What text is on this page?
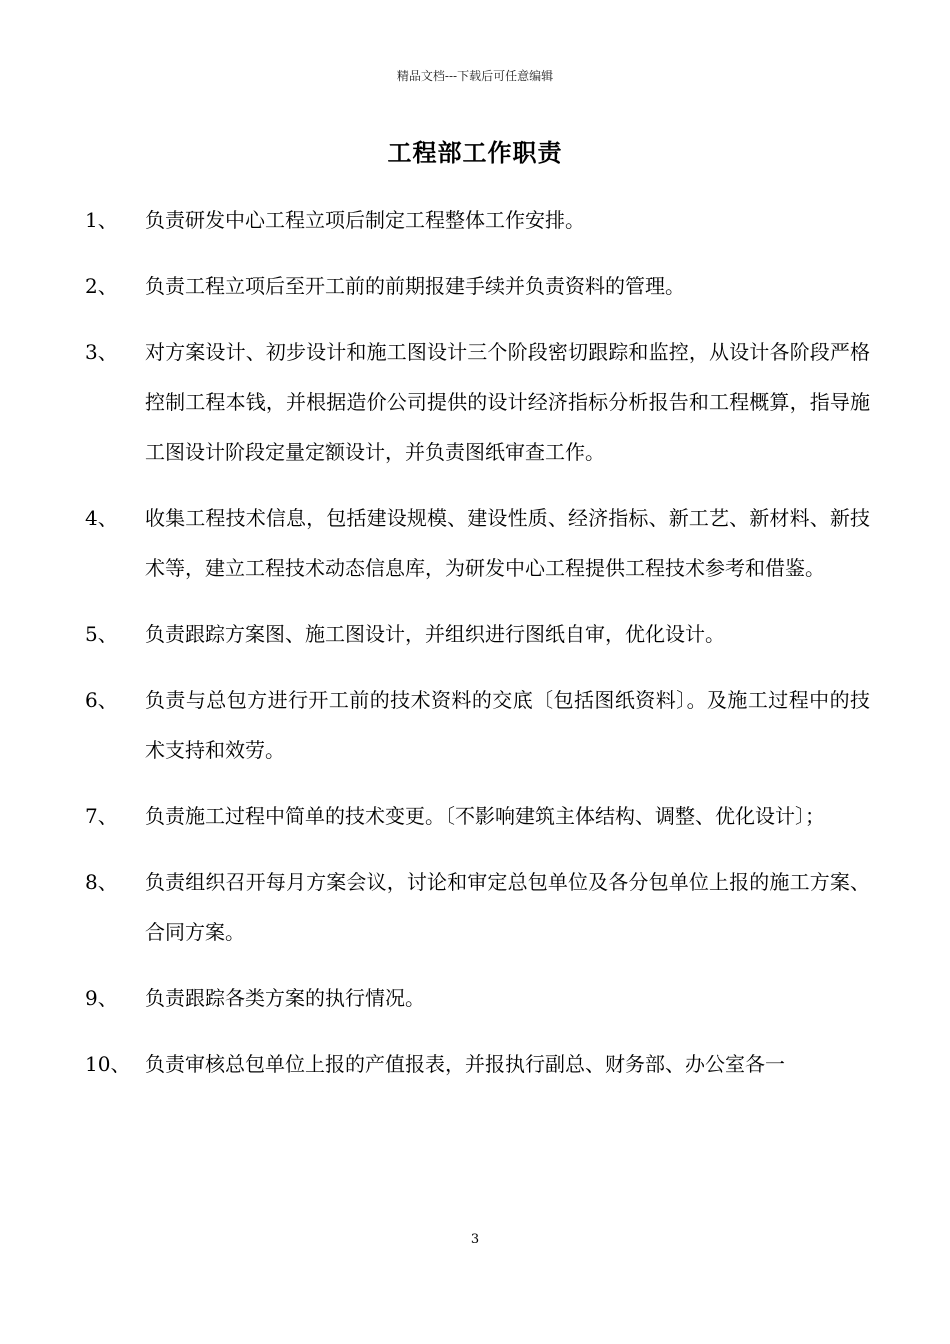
精品文档---下载后可任意编辑
工程部工作职责
1、 负责研发中心工程立项后制定工程整体工作安排。
2、 负责工程立项后至开工前的前期报建手续并负责资料的管理。
3、 对方案设计、初步设计和施工图设计三个阶段密切跟踪和监控，从设计各阶段严格控制工程本钱，并根据造价公司提供的设计经济指标分析报告和工程概算，指导施工图设计阶段定量定额设计，并负责图纸审查工作。
4、 收集工程技术信息，包括建设规模、建设性质、经济指标、新工艺、新材料、新技术等，建立工程技术动态信息库，为研发中心工程提供工程技术参考和借鉴。
5、 负责跟踪方案图、施工图设计，并组织进行图纸自审，优化设计。
6、 负责与总包方进行开工前的技术资料的交底〔包括图纸资料〕。及施工过程中的技术支持和效劳。
7、 负责施工过程中简单的技术变更。〔不影响建筑主体结构、调整、优化设计〕；
8、 负责组织召开每月方案会议，讨论和审定总包单位及各分包单位上报的施工方案、合同方案。
9、 负责跟踪各类方案的执行情况。
10、 负责审核总包单位上报的产值报表，并报执行副总、财务部、办公室各一
3
